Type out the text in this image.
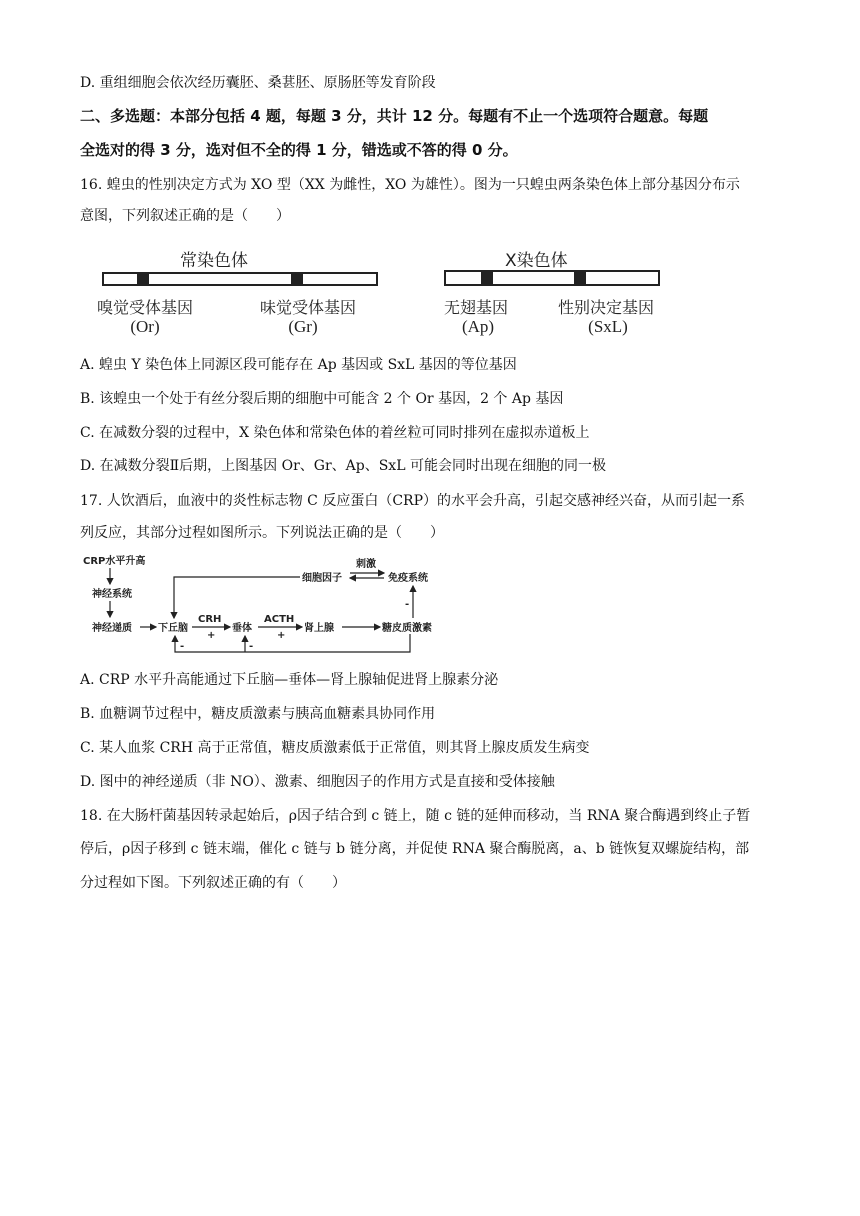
D. 重组细胞会依次经历囊胚、桑葚胚、原肠胚等发育阶段
二、多选题：本部分包括 4 题，每题 3 分，共计 12 分。每题有不止一个选项符合题意。每题
全选对的得 3 分，选对但不全的得 1 分，错选或不答的得 0 分。
16. 蝗虫的性别决定方式为 XO 型（XX 为雌性，XO 为雄性）。图为一只蝗虫两条染色体上部分基因分布示
意图，下列叙述正确的是（　　）
常染色体	X染色体
嗅觉受体基因
(Or)
味觉受体基因
(Gr)
无翅基因
(Ap)
性别决定基因
(SxL)
A. 蝗虫 Y 染色体上同源区段可能存在 Ap 基因或 SxL 基因的等位基因
B. 该蝗虫一个处于有丝分裂后期的细胞中可能含 2 个 Or 基因，2 个 Ap 基因
C. 在减数分裂的过程中，X 染色体和常染色体的着丝粒可同时排列在虚拟赤道板上
D. 在减数分裂Ⅱ后期，上图基因 Or、Gr、Ap、SxL 可能会同时出现在细胞的同一极
17. 人饮酒后，血液中的炎性标志物 C 反应蛋白（CRP）的水平会升高，引起交感神经兴奋，从而引起一系
列反应，其部分过程如图所示。下列说法正确的是（　　）
CRP水平升高
神经系统
神经递质	下丘脑
CRH
+
垂体
ACTH
+
肾上腺	糖皮质激素
-	-
-
免疫系统
刺激
细胞因子
A. CRP 水平升高能通过下丘脑—垂体—肾上腺轴促进肾上腺素分泌
B. 血糖调节过程中，糖皮质激素与胰高血糖素具协同作用
C. 某人血浆 CRH 高于正常值，糖皮质激素低于正常值，则其肾上腺皮质发生病变
D. 图中的神经递质（非 NO）、激素、细胞因子的作用方式是直接和受体接触
18. 在大肠杆菌基因转录起始后，ρ因子结合到 c 链上，随 c 链的延伸而移动，当 RNA 聚合酶遇到终止子暂
停后，ρ因子移到 c 链末端，催化 c 链与 b 链分离，并促使 RNA 聚合酶脱离，a、b 链恢复双螺旋结构，部
分过程如下图。下列叙述正确的有（　　）
